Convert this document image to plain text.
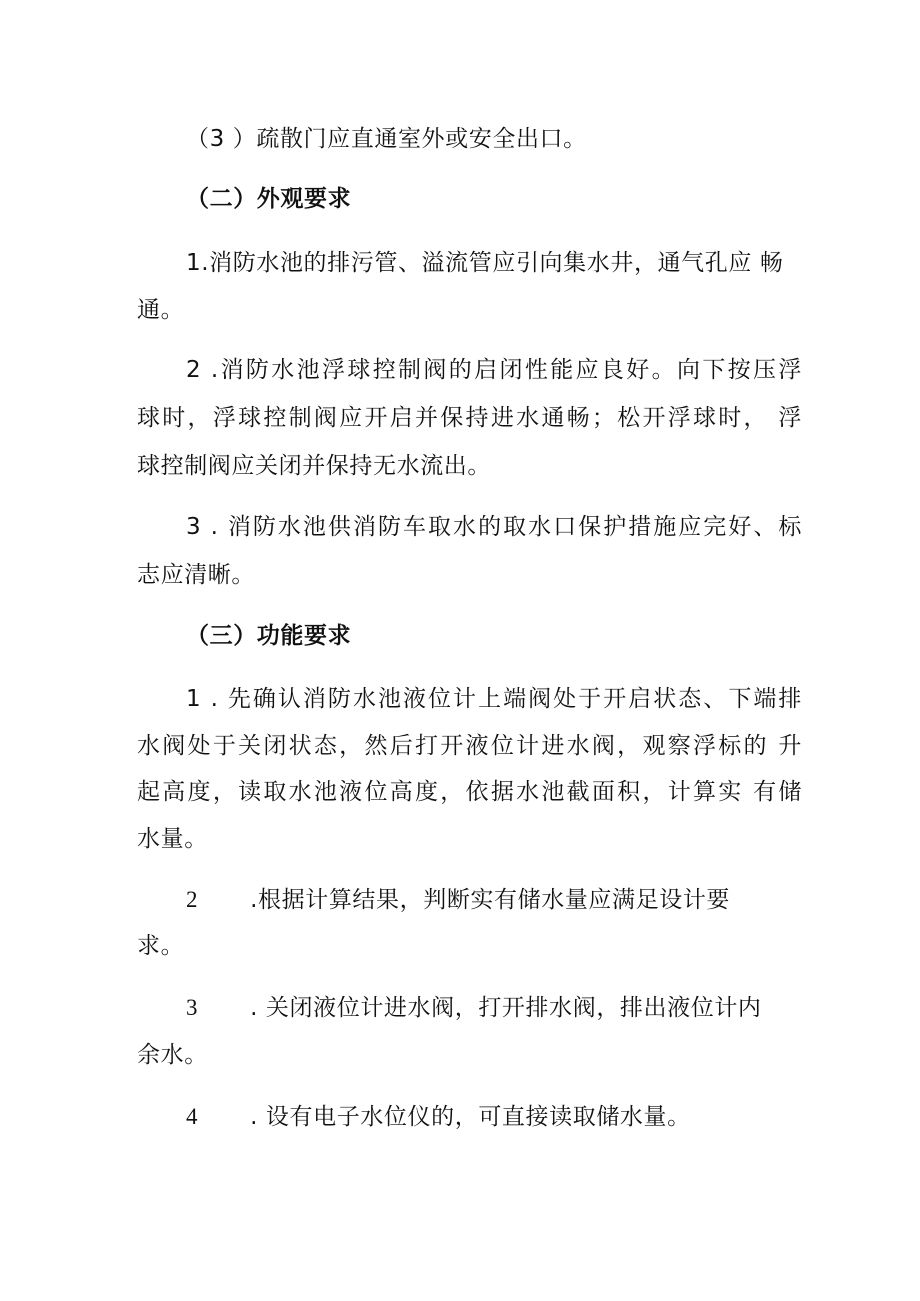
（3 ）疏散门应直通室外或安全出口。
（二）外观要求
1.消防水池的排污管、溢流管应引向集水井，通气孔应 畅
通。
2 .消防水池浮球控制阀的启闭性能应良好。向下按压浮
球时，浮球控制阀应开启并保持进水通畅；松开浮球时， 浮
球控制阀应关闭并保持无水流出。
3 . 消防水池供消防车取水的取水口保护措施应完好、标
志应清晰。
（三）功能要求
1 . 先确认消防水池液位计上端阀处于开启状态、下端排
水阀处于关闭状态，然后打开液位计进水阀，观察浮标的 升
起高度，读取水池液位高度，依据水池截面积，计算实 有储
水量。
2 .根据计算结果，判断实有储水量应满足设计要
求。
3 . 关闭液位计进水阀，打开排水阀，排出液位计内
余水。
4 . 设有电子水位仪的，可直接读取储水量。
